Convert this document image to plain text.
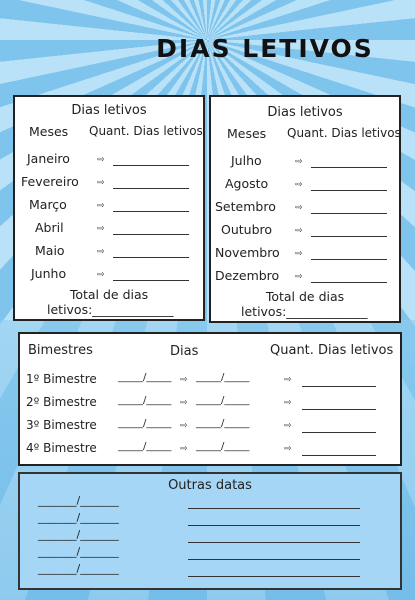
DIAS LETIVOS
Dias letivos
Meses Quant. Dias letivos
Janeiro
Fevereiro
Março
Abril
Maio
Junho
⇨
⇨
⇨
⇨
⇨
⇨
Total de dias
letivos:_____________
Dias letivos
Meses Quant. Dias letivos
Julho
Agosto
Setembro
Outubro
Novembro
Dezembro
⇨
⇨
⇨
⇨
⇨
⇨
Total de dias
letivos:_____________
Bimestres	Dias	Quant. Dias letivos
1º Bimestre
2º Bimestre
3º Bimestre
4º Bimestre
_____/_____
_____/_____
_____/_____
_____/_____
⇨
⇨
⇨
⇨
_____/_____
_____/_____
_____/_____
_____/_____
⇨
⇨
⇨
⇨
Outras datas
_______/_______
_______/_______
_______/_______
_______/_______
_______/_______
